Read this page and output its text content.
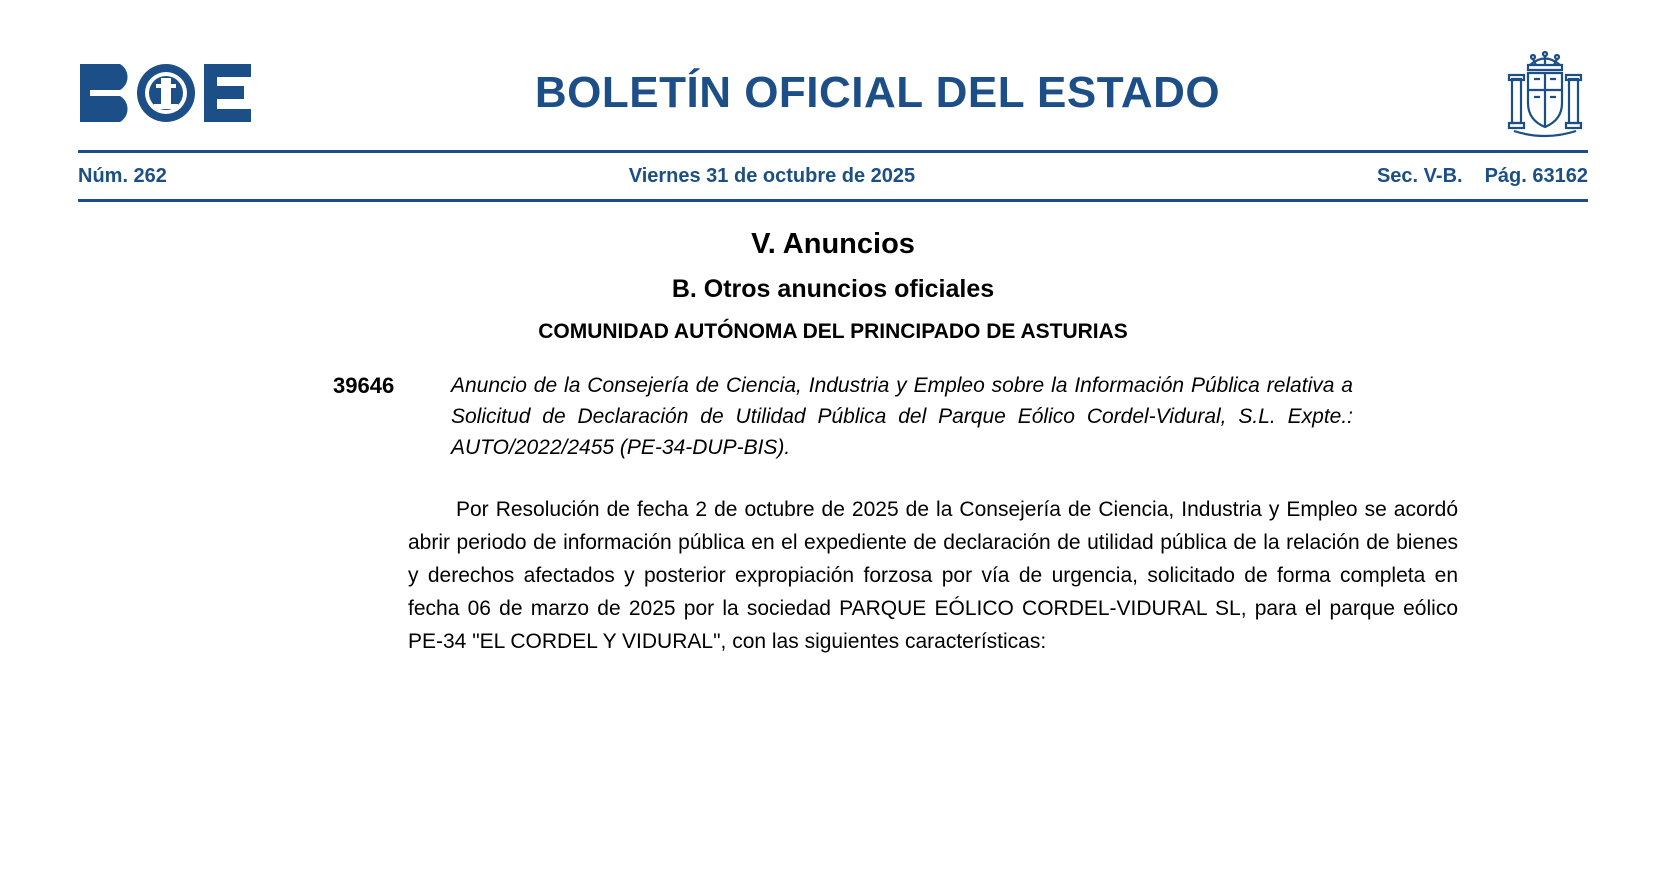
BOLETÍN OFICIAL DEL ESTADO
Núm. 262	Viernes 31 de octubre de 2025	Sec. V-B. Pág. 63162
V. Anuncios
B. Otros anuncios oficiales
COMUNIDAD AUTÓNOMA DEL PRINCIPADO DE ASTURIAS
39646	Anuncio de la Consejería de Ciencia, Industria y Empleo sobre la Información Pública relativa a Solicitud de Declaración de Utilidad Pública del Parque Eólico Cordel-Vidural, S.L. Expte.: AUTO/2022/2455 (PE-34-DUP-BIS).

Por Resolución de fecha 2 de octubre de 2025 de la Consejería de Ciencia, Industria y Empleo se acordó abrir periodo de información pública en el expediente de declaración de utilidad pública de la relación de bienes y derechos afectados y posterior expropiación forzosa por vía de urgencia, solicitado de forma completa en fecha 06 de marzo de 2025 por la sociedad PARQUE EÓLICO CORDEL-VIDURAL SL, para el parque eólico PE-34 "EL CORDEL Y VIDURAL", con las siguientes características:
